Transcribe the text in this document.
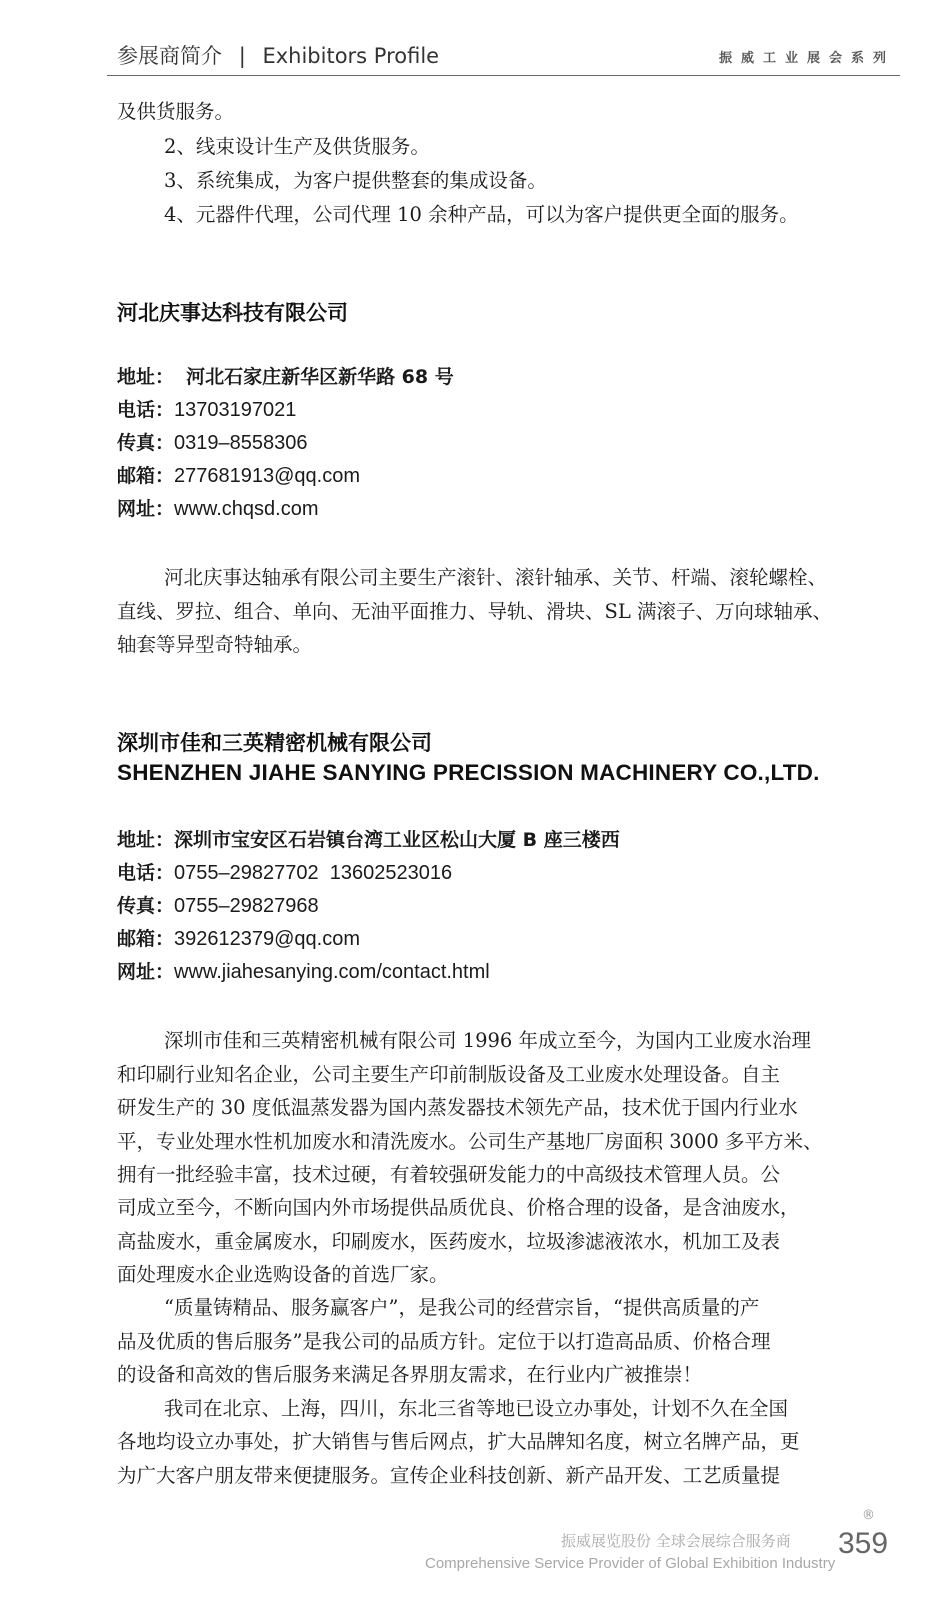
参展商简介 | Exhibitors Profile	振威工业展会系列
及供货服务。
2、线束设计生产及供货服务。
3、系统集成，为客户提供整套的集成设备。
4、元器件代理，公司代理 10 余种产品，可以为客户提供更全面的服务。
河北庆事达科技有限公司
地址： 河北石家庄新华区新华路 68 号
电话：13703197021
传真：0319–8558306
邮箱：277681913@qq.com
网址：www.chqsd.com
河北庆事达轴承有限公司主要生产滚针、滚针轴承、关节、杆端、滚轮螺栓、
直线、罗拉、组合、单向、无油平面推力、导轨、滑块、SL 满滚子、万向球轴承、
轴套等异型奇特轴承。
深圳市佳和三英精密机械有限公司
SHENZHEN JIAHE SANYING PRECISSION MACHINERY CO.,LTD.
地址：深圳市宝安区石岩镇台湾工业区松山大厦 B 座三楼西
电话：0755–29827702  13602523016
传真：0755–29827968
邮箱：392612379@qq.com
网址：www.jiahesanying.com/contact.html
深圳市佳和三英精密机械有限公司 1996 年成立至今，为国内工业废水治理
和印刷行业知名企业，公司主要生产印前制版设备及工业废水处理设备。自主
研发生产的 30 度低温蒸发器为国内蒸发器技术领先产品，技术优于国内行业水
平，专业处理水性机加废水和清洗废水。公司生产基地厂房面积 3000 多平方米、
拥有一批经验丰富，技术过硬，有着较强研发能力的中高级技术管理人员。公
司成立至今，不断向国内外市场提供品质优良、价格合理的设备，是含油废水，
高盐废水，重金属废水，印刷废水，医药废水，垃圾渗滤液浓水，机加工及表
面处理废水企业选购设备的首选厂家。
“质量铸精品、服务赢客户”，是我公司的经营宗旨，“提供高质量的产
品及优质的售后服务”是我公司的品质方针。定位于以打造高品质、价格合理
的设备和高效的售后服务来满足各界朋友需求，在行业内广被推崇！
我司在北京、上海，四川，东北三省等地已设立办事处，计划不久在全国
各地均设立办事处，扩大销售与售后网点，扩大品牌知名度，树立名牌产品，更
为广大客户朋友带来便捷服务。宣传企业科技创新、新产品开发、工艺质量提
®
振威展览股份 全球会展综合服务商
Comprehensive Service Provider of Global Exhibition Industry
359
